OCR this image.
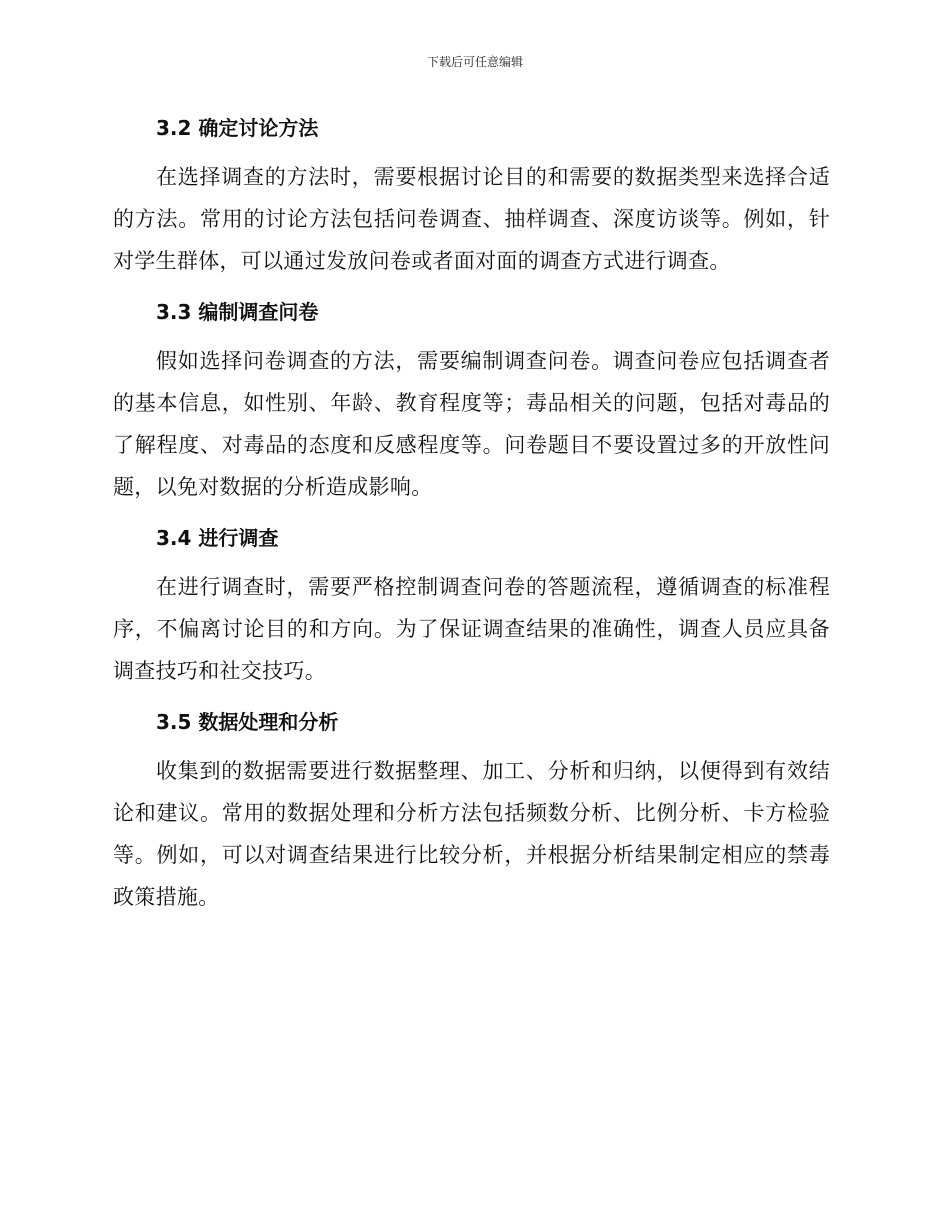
下载后可任意编辑
3.2 确定讨论方法

在选择调查的方法时，需要根据讨论目的和需要的数据类型来选择合适的方法。常用的讨论方法包括问卷调查、抽样调查、深度访谈等。例如，针对学生群体，可以通过发放问卷或者面对面的调查方式进行调查。

3.3 编制调查问卷

假如选择问卷调查的方法，需要编制调查问卷。调查问卷应包括调查者的基本信息，如性别、年龄、教育程度等；毒品相关的问题，包括对毒品的了解程度、对毒品的态度和反感程度等。问卷题目不要设置过多的开放性问题，以免对数据的分析造成影响。

3.4 进行调查

在进行调查时，需要严格控制调查问卷的答题流程，遵循调查的标准程序，不偏离讨论目的和方向。为了保证调查结果的准确性，调查人员应具备调查技巧和社交技巧。

3.5 数据处理和分析

收集到的数据需要进行数据整理、加工、分析和归纳，以便得到有效结论和建议。常用的数据处理和分析方法包括频数分析、比例分析、卡方检验等。例如，可以对调查结果进行比较分析，并根据分析结果制定相应的禁毒政策措施。
